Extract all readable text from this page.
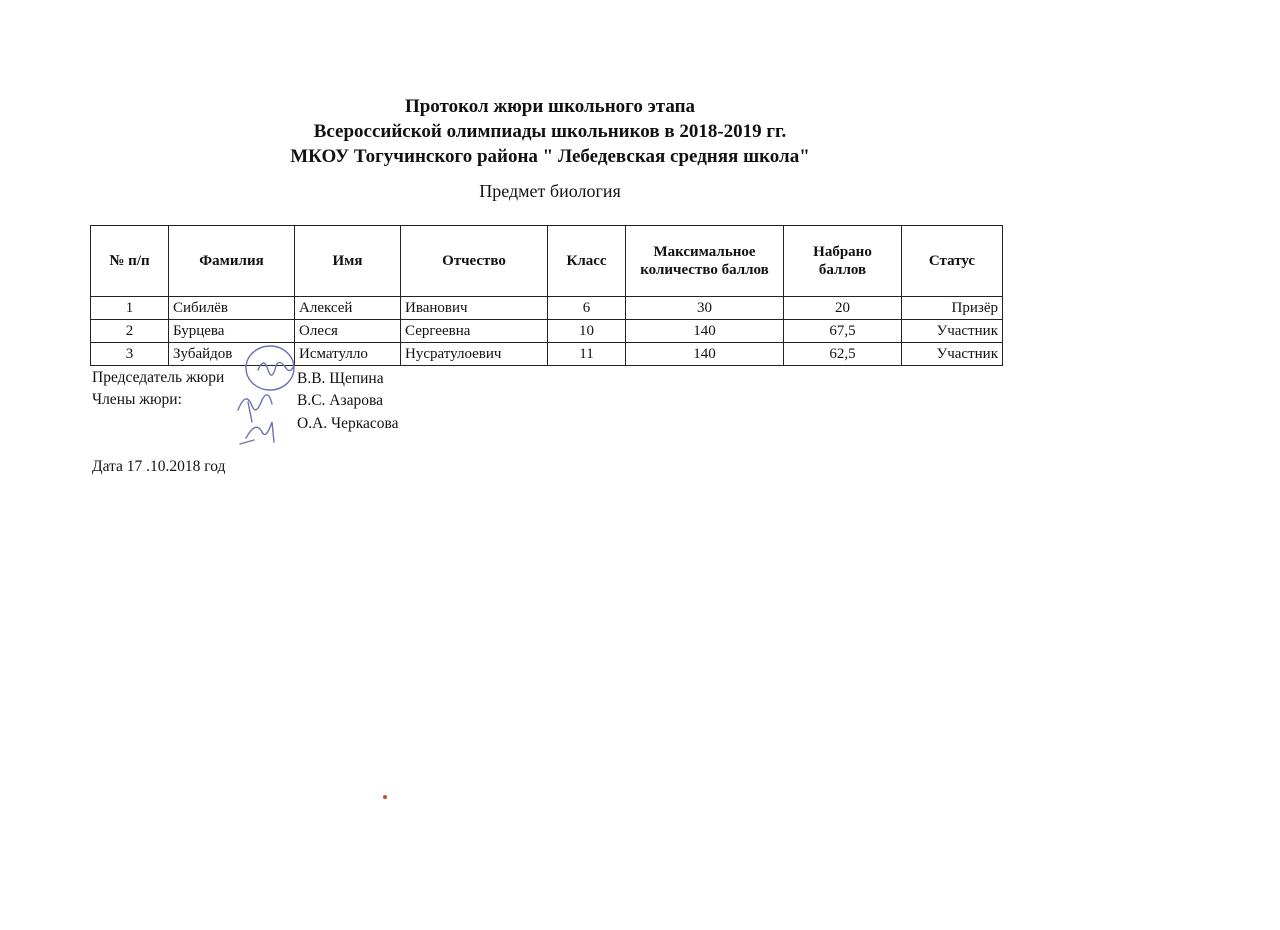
Протокол жюри школьного этапа
Всероссийской олимпиады школьников в 2018-2019 гг.
МКОУ Тогучинского района " Лебедевская средняя школа"
Предмет биология
№ п/п	Фамилия	Имя	Отчество	Класс	Максимальное количество баллов	Набрано баллов	Статус
1	Сибилёв	Алексей	Иванович	6	30	20	Призёр
2	Бурцева	Олеся	Сергеевна	10	140	67,5	Участник
3	Зубайдов	Исматулло	Нусратулоевич	11	140	62,5	Участник
Председатель жюри	В.В. Щепина
Члены жюри:	В.С. Азарова
О.А. Черкасова
Дата 17 .10.2018 год
